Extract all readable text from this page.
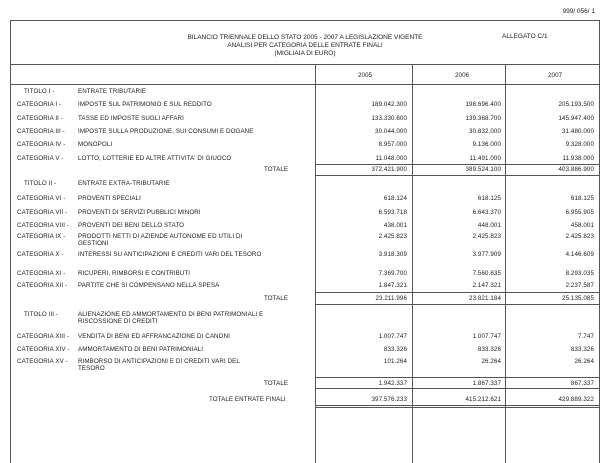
999/ 056/ 1
BILANCIO TRIENNALE DELLO STATO 2005 - 2007 A LEGISLAZIONE VIGENTE
ANALISI PER CATEGORIA DELLE ENTRATE FINALI
(MIGLIAIA DI EURO)
ALLEGATO C/1
2005	2006	2007
TITOLO I -	ENTRATE TRIBUTARIE
CATEGORIA I -	IMPOSTE SUL PATRIMONIO E SUL REDDITO	189.042.300	198.696.400	205.193.500
CATEGORIA II - TASSE ED IMPOSTE SUGLI AFFARI	133.330.600	139.368.700	145.947.400
CATEGORIA III - IMPOSTE SULLA PRODUZIONE, SUI CONSUMI E DOGANE	30.044.000	30.832.000	31.480.000
CATEGORIA IV - MONOPOLI	8.957.000	9.136.000	9.328.000
CATEGORIA V - LOTTO, LOTTERIE ED ALTRE ATTIVITA' DI GIUOCO	11.048.000	11.491.000	11.938.000
TOTALE	372.421.900	389.524.100	403.886.900
TITOLO II -	ENTRATE EXTRA-TRIBUTARIE
CATEGORIA VI - PROVENTI SPECIALI	618.124	618.125	618.125
CATEGORIA VII - PROVENTI DI SERVIZI PUBBLICI MINORI	6.593.718	6.643.370	6.955.905
CATEGORIA VIII - PROVENTI DEI BENI DELLO STATO	438.001	448.001	458.001
CATEGORIA IX - PRODOTTI NETTI DI AZIENDE AUTONOME ED UTILI DI GESTIONI
2.425.823	2.425.823	2.425.823
CATEGORIA X - INTERESSI SU ANTICIPAZIONI E CREDITI VARI DEL TESORO	3.918.309	3.977.909	4.146.609
CATEGORIA XI - RICUPERI, RIMBORSI E CONTRIBUTI	7.369.700	7.560.635	8.293.035
CATEGORIA XII - PARTITE CHE SI COMPENSANO NELLA SPESA	1.847.321	2.147.321	2.237.587
TOTALE	23.211.996	23.821.184	25.135.085
TITOLO III -	ALIENAZIONE ED AMMORTAMENTO DI BENI PATRIMONIALI E RISCOSSIONE DI CREDITI
CATEGORIA XIII - VENDITA DI BENI ED AFFRANCAZIONE DI CANONI	1.007.747	1.007.747	7.747
CATEGORIA XIV - AMMORTAMENTO DI BENI PATRIMONIALI	833.326	833.326	833.326
CATEGORIA XV - RIMBORSO DI ANTICIPAZIONI E DI CREDITI VARI DEL TESORO
101.264	26.264	26.264
TOTALE	1.942.337	1.867.337	867.337
TOTALE ENTRATE FINALI	397.576.233	415.212.621	429.889.322
